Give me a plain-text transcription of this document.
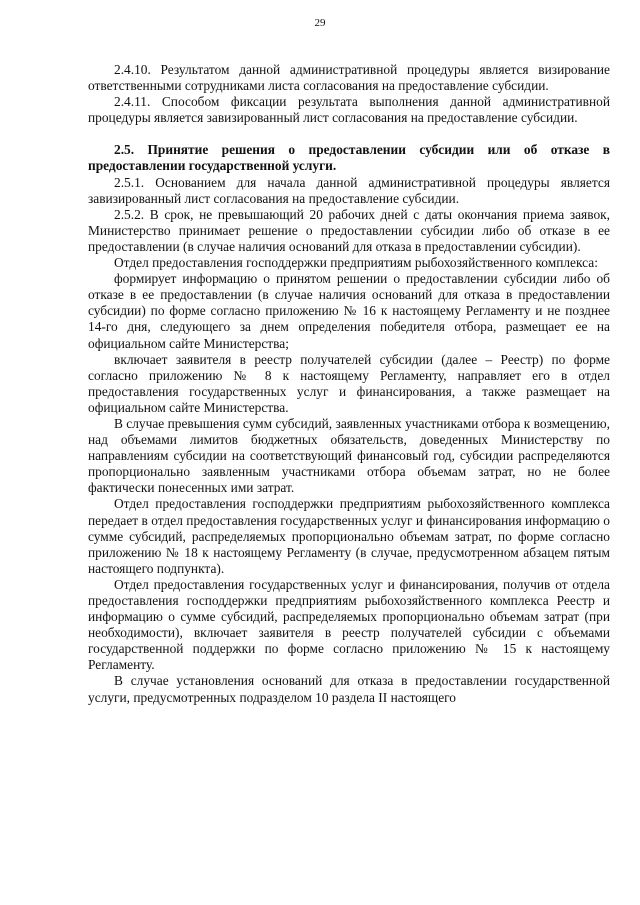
29

2.4.10. Результатом данной административной процедуры является визирование ответственными сотрудниками листа согласования на предоставление субсидии.

2.4.11. Способом фиксации результата выполнения данной административной процедуры является завизированный лист согласования на предоставление субсидии.

2.5. Принятие решения о предоставлении субсидии или об отказе в предоставлении государственной услуги.

2.5.1. Основанием для начала данной административной процедуры является завизированный лист согласования на предоставление субсидии.

2.5.2. В срок, не превышающий 20 рабочих дней с даты окончания приема заявок, Министерство принимает решение о предоставлении субсидии либо об отказе в ее предоставлении (в случае наличия оснований для отказа в предоставлении субсидии).

Отдел предоставления господдержки предприятиям рыбохозяйственного комплекса:

формирует информацию о принятом решении о предоставлении субсидии либо об отказе в ее предоставлении (в случае наличия оснований для отказа в предоставлении субсидии) по форме согласно приложению № 16 к настоящему Регламенту и не позднее 14-го дня, следующего за днем определения победителя отбора, размещает ее на официальном сайте Министерства;

включает заявителя в реестр получателей субсидии (далее – Реестр) по форме согласно приложению № 8 к настоящему Регламенту, направляет его в отдел предоставления государственных услуг и финансирования, а также размещает на официальном сайте Министерства.

В случае превышения сумм субсидий, заявленных участниками отбора к возмещению, над объемами лимитов бюджетных обязательств, доведенных Министерству по направлениям субсидии на соответствующий финансовый год, субсидии распределяются пропорционально заявленным участниками отбора объемам затрат, но не более фактически понесенных ими затрат.

Отдел предоставления господдержки предприятиям рыбохозяйственного комплекса передает в отдел предоставления государственных услуг и финансирования информацию о сумме субсидий, распределяемых пропорционально объемам затрат, по форме согласно приложению № 18 к настоящему Регламенту (в случае, предусмотренном абзацем пятым настоящего подпункта).

Отдел предоставления государственных услуг и финансирования, получив от отдела предоставления господдержки предприятиям рыбохозяйственного комплекса Реестр и информацию о сумме субсидий, распределяемых пропорционально объемам затрат (при необходимости), включает заявителя в реестр получателей субсидии с объемами государственной поддержки по форме согласно приложению № 15 к настоящему Регламенту.

В случае установления оснований для отказа в предоставлении государственной услуги, предусмотренных подразделом 10 раздела II настоящего
